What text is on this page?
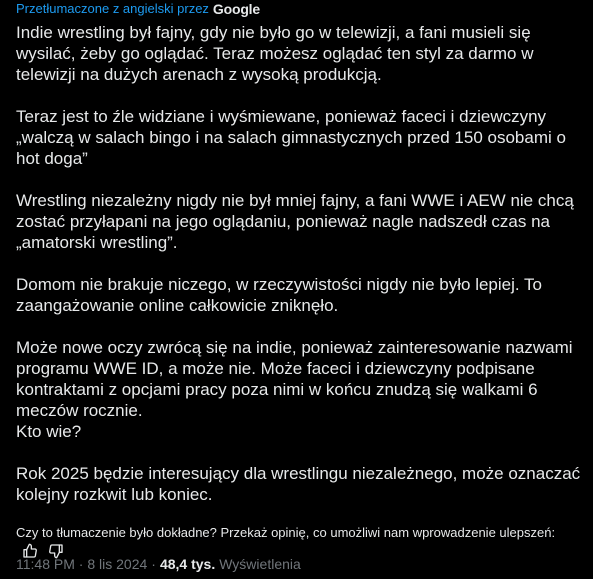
Przetłumaczone z angielski przez Google

Indie wrestling był fajny, gdy nie było go w telewizji, a fani musieli się wysilać, żeby go oglądać. Teraz możesz oglądać ten styl za darmo w telewizji na dużych arenach z wysoką produkcją.

Teraz jest to źle widziane i wyśmiewane, ponieważ faceci i dziewczyny „walczą w salach bingo i na salach gimnastycznych przed 150 osobami o hot doga”

Wrestling niezależny nigdy nie był mniej fajny, a fani WWE i AEW nie chcą zostać przyłapani na jego oglądaniu, ponieważ nagle nadszedł czas na „amatorski wrestling”.

Domom nie brakuje niczego, w rzeczywistości nigdy nie było lepiej. To zaangażowanie online całkowicie zniknęło.

Może nowe oczy zwrócą się na indie, ponieważ zainteresowanie nazwami programu WWE ID, a może nie. Może faceci i dziewczyny podpisane kontraktami z opcjami pracy poza nimi w końcu znudzą się walkami 6 meczów rocznie.
Kto wie?

Rok 2025 będzie interesujący dla wrestlingu niezależnego, może oznaczać kolejny rozkwit lub koniec.

Czy to tłumaczenie było dokładne? Przekaż opinię, co umożliwi nam wprowadzenie ulepszeń:
11:48 PM · 8 lis 2024 · 48,4 tys. Wyświetlenia
